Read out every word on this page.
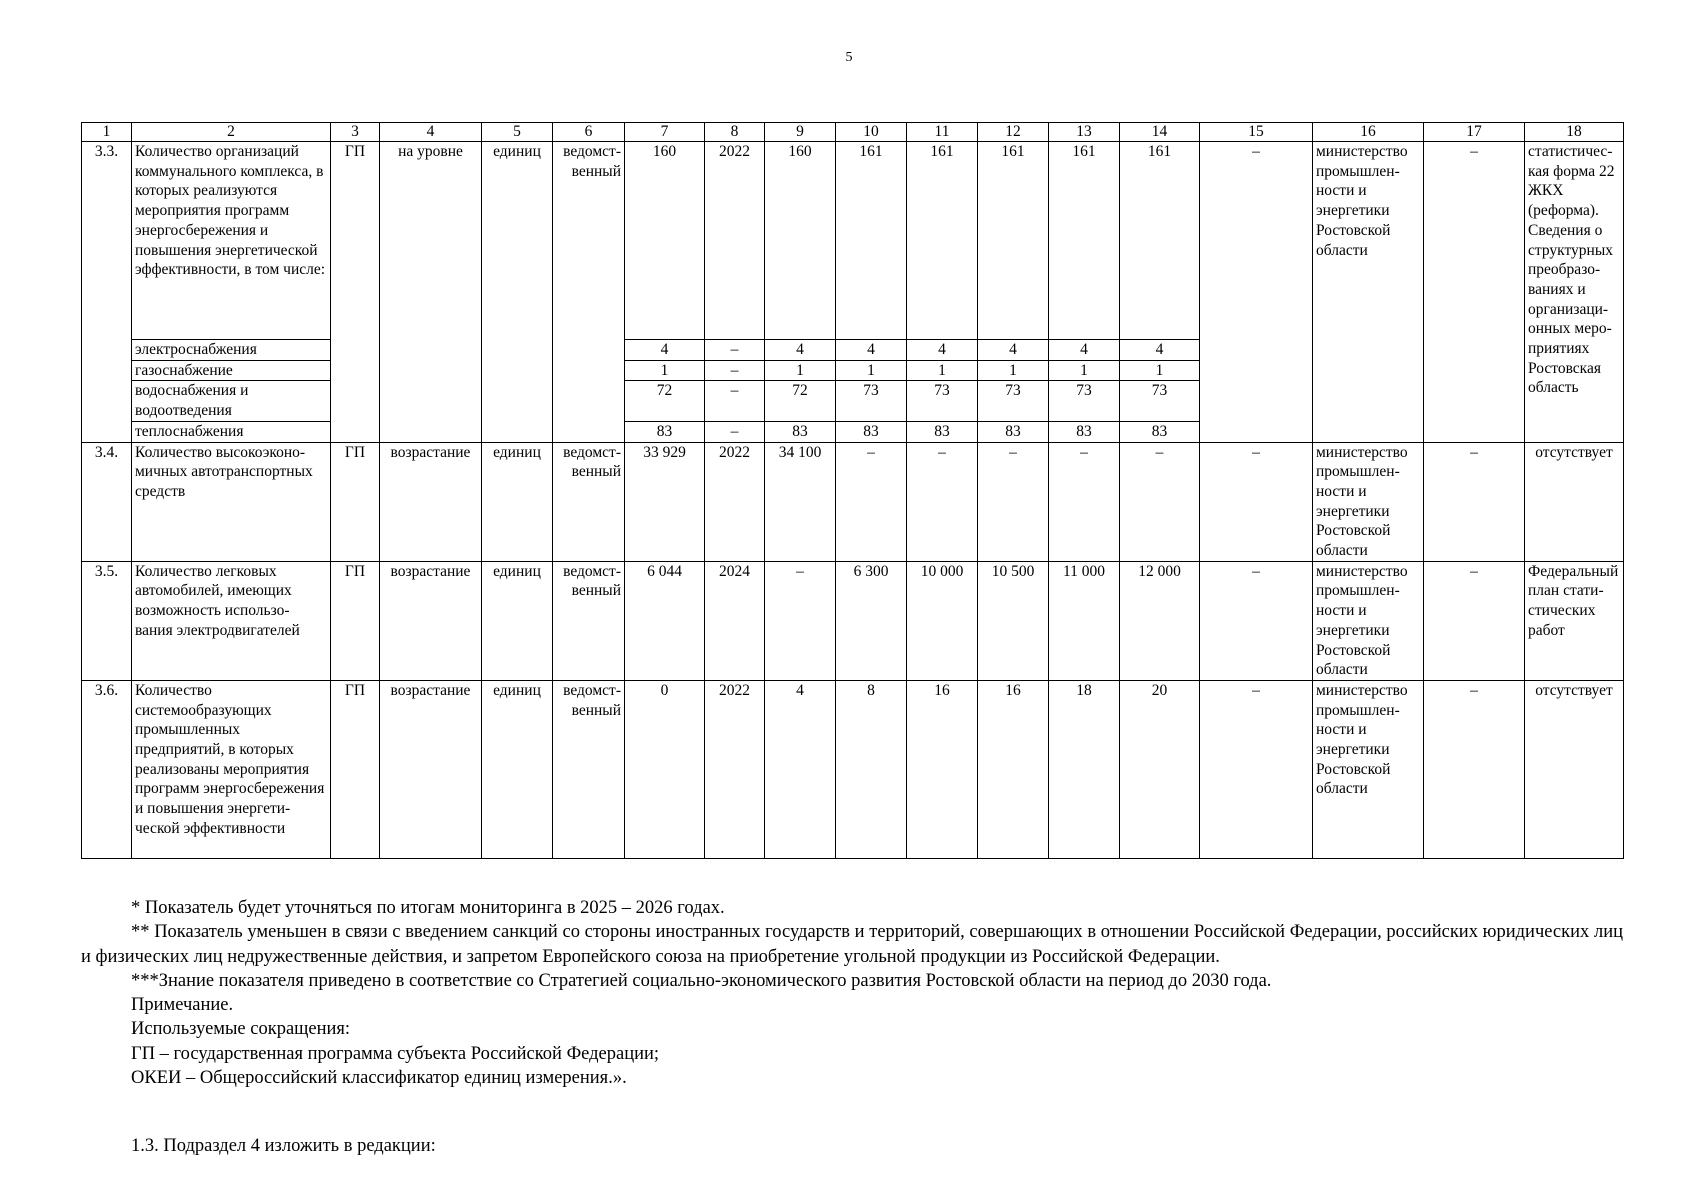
5
1	2	3	4	5	6	7	8	9	10	11	12	13	14	15	16	17	18
3.3.	Количество организаций коммунального комплекса, в которых реализуются мероприятия программ энергосбережения и повышения энергетической эффективности, в том числе:	ГП	на уровне	единиц	ведомст-венный	160	2022	160	161	161	161	161	161	–	министерство промышлен-ности и энергетики Ростовской области	–	статистичес-кая форма 22 ЖКХ (реформа). Сведения о структурных преобразо-ваниях и организаци-онных меро-приятиях Ростовская область
	электроснабжения					4	–	4	4	4	4	4	4				
	газоснабжение					1	–	1	1	1	1	1	1				
	водоснабжения и водоотведения					72	–	72	73	73	73	73	73				
	теплоснабжения					83	–	83	83	83	83	83	83				
3.4.	Количество высокоэконо-мичных автотранспортных средств	ГП	возрастание	единиц	ведомст-венный	33 929	2022	34 100	–	–	–	–	–	–	министерство промышлен-ности и энергетики Ростовской области	–	отсутствует
3.5.	Количество легковых автомобилей, имеющих возможность использо-вания электродвигателей	ГП	возрастание	единиц	ведомст-венный	6 044	2024	–	6 300	10 000	10 500	11 000	12 000	–	министерство промышлен-ности и энергетики Ростовской области	–	Федеральный план стати-стических работ
3.6.	Количество системообразующих промышленных предприятий, в которых реализованы мероприятия программ энергосбережения и повышения энергети-ческой эффективности	ГП	возрастание	единиц	ведомст-венный	0	2022	4	8	16	16	18	20	–	министерство промышлен-ности и энергетики Ростовской области	–	отсутствует

* Показатель будет уточняться по итогам мониторинга в 2025 – 2026 годах.

** Показатель уменьшен в связи с введением санкций со стороны иностранных государств и территорий, совершающих в отношении Российской Федерации, российских юридических лиц и физических лиц недружественные действия, и запретом Европейского союза на приобретение угольной продукции из Российской Федерации.

***Знание показателя приведено в соответствие со Стратегией социально-экономического развития Ростовской области на период до 2030 года.

Примечание.

Используемые сокращения:

ГП – государственная программа субъекта Российской Федерации;

ОКЕИ – Общероссийский классификатор единиц измерения.».

1.3. Подраздел 4 изложить в редакции:
